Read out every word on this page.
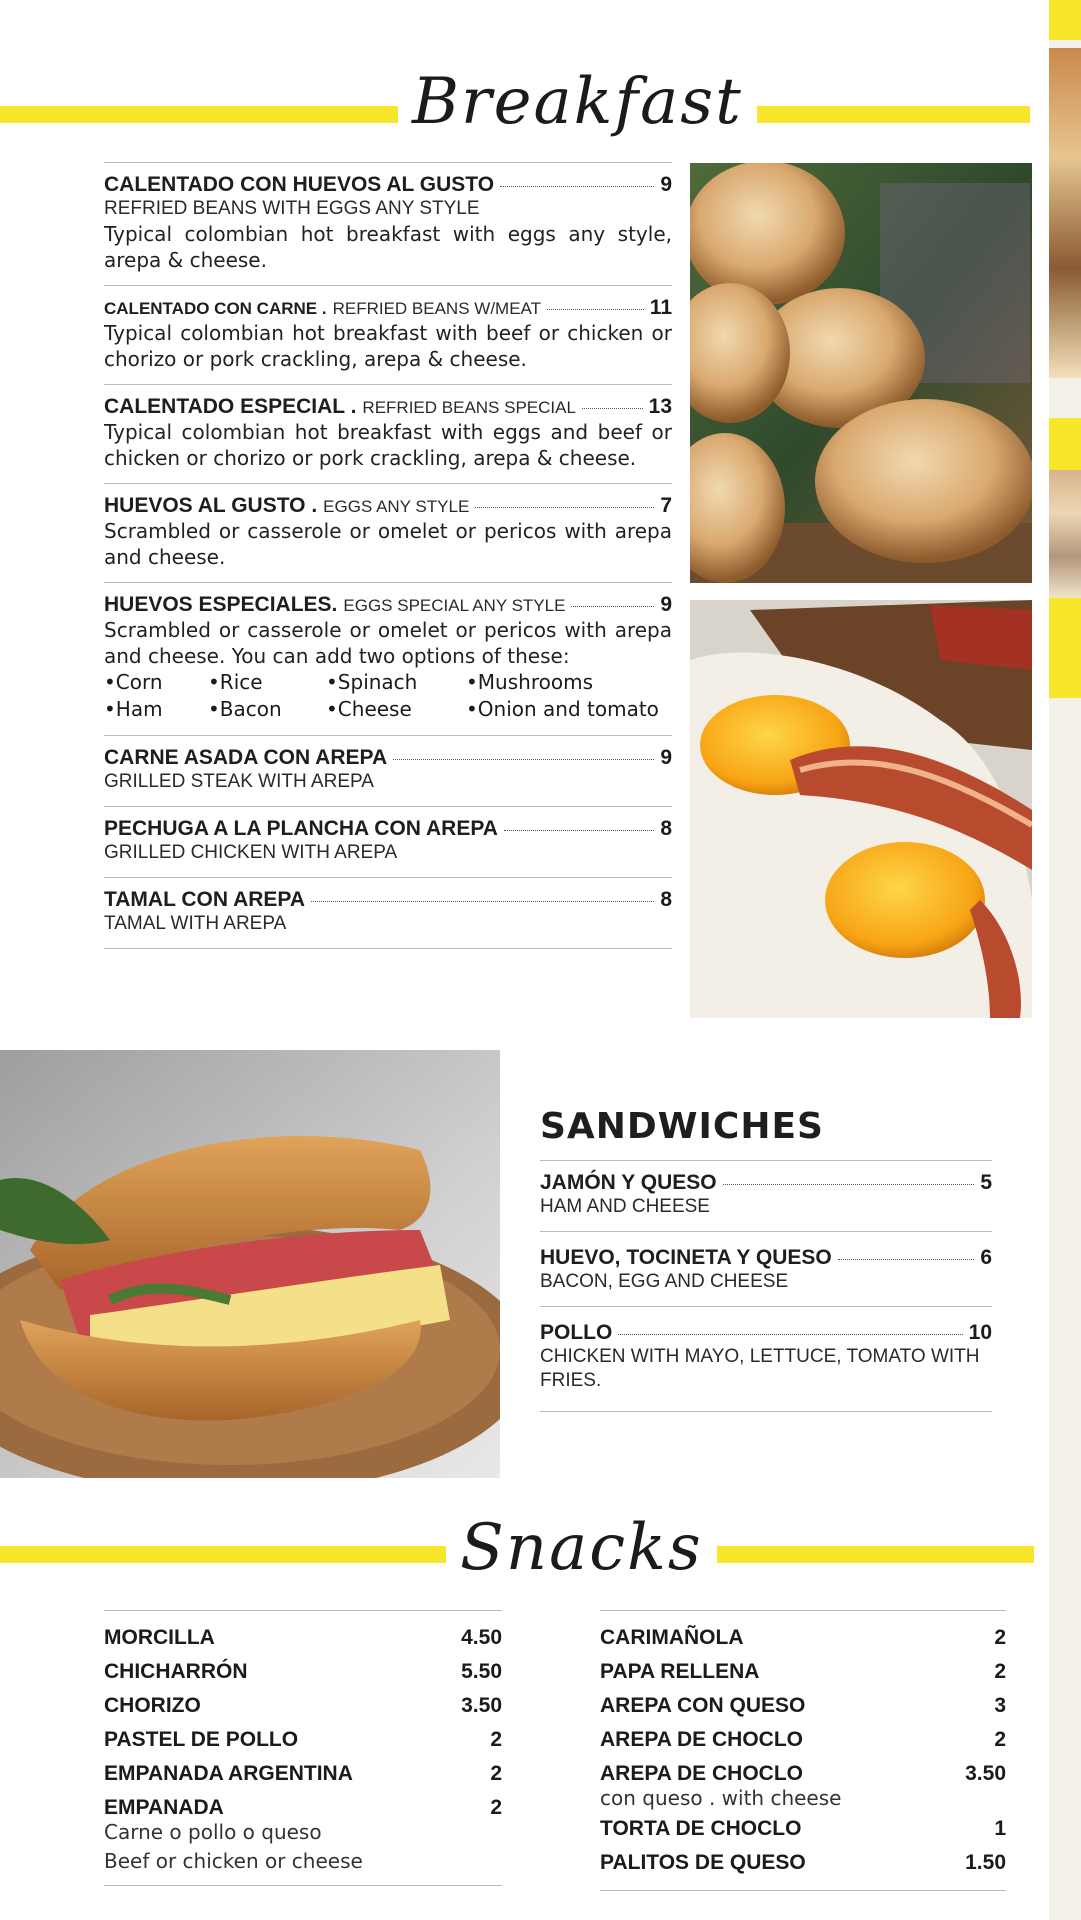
Breakfast
CALENTADO CON HUEVOS AL GUSTO	9
REFRIED BEANS WITH EGGS ANY STYLE
Typical colombian hot breakfast with eggs any style, arepa & cheese.
CALENTADO CON CARNE . REFRIED BEANS W/MEAT	11
Typical colombian hot breakfast with beef or chicken or chorizo or pork crackling, arepa & cheese.
CALENTADO ESPECIAL . REFRIED BEANS SPECIAL	13
Typical colombian hot breakfast with eggs and beef or chicken or chorizo or pork crackling, arepa & cheese.
HUEVOS AL GUSTO . EGGS ANY STYLE	7
Scrambled or casserole or omelet or pericos with arepa and cheese.
HUEVOS ESPECIALES. EGGS SPECIAL ANY STYLE	9
Scrambled or casserole or omelet or pericos with arepa and cheese. You can add two options of these:
•Corn	•Rice	•Spinach	•Mushrooms
•Ham	•Bacon	•Cheese	•Onion and tomato
CARNE ASADA CON AREPA	9
GRILLED STEAK WITH AREPA
PECHUGA A LA PLANCHA CON AREPA	8
GRILLED CHICKEN WITH AREPA
TAMAL CON AREPA	8
TAMAL WITH AREPA
SANDWICHES
JAMÓN Y QUESO	5
HAM AND CHEESE
HUEVO, TOCINETA Y QUESO	6
BACON, EGG AND CHEESE
POLLO	10
CHICKEN WITH MAYO, LETTUCE, TOMATO WITH FRIES.
Snacks
MORCILLA	4.50
CHICHARRÓN	5.50
CHORIZO	3.50
PASTEL DE POLLO	2
EMPANADA ARGENTINA	2
EMPANADA	2
Carne o pollo o queso
Beef or chicken or cheese
CARIMAÑOLA	2
PAPA RELLENA	2
AREPA CON QUESO	3
AREPA DE CHOCLO	2
AREPA DE CHOCLO	3.50
con queso . with cheese
TORTA DE CHOCLO	1
PALITOS DE QUESO	1.50
